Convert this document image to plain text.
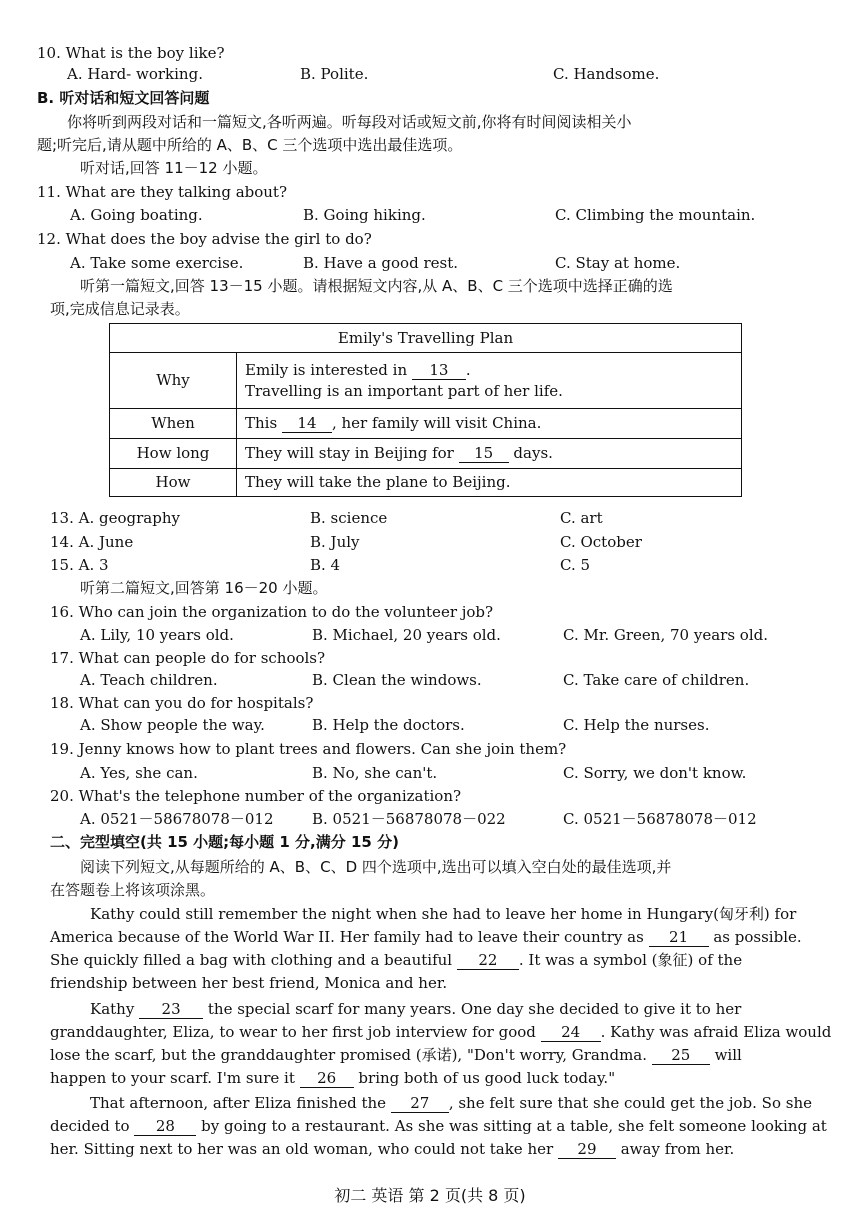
10. What is the boy like?
A. Hard- working.	B. Polite.	C. Handsome.
B. 听对话和短文回答问题
你将听到两段对话和一篇短文,各听两遍。听每段对话或短文前,你将有时间阅读相关小
题;听完后,请从题中所给的 A、B、C 三个选项中选出最佳选项。
听对话,回答 11－12 小题。
11. What are they talking about?
A. Going boating.	B. Going hiking.	C. Climbing the mountain.
12. What does the boy advise the girl to do?
A. Take some exercise.	B. Have a good rest.	C. Stay at home.
听第一篇短文,回答 13－15 小题。请根据短文内容,从 A、B、C 三个选项中选择正确的选
项,完成信息记录表。
Emily's Travelling Plan	
Why	Emily is interested in 13 .
Travelling is an important part of her life.

When	This 14 , her family will visit China.
How long	They will stay in Beijing for 15 days.
How	They will take the plane to Beijing.
13. A. geography	B. science	C. art
14. A. June	B. July	C. October
15. A. 3	B. 4	C. 5
听第二篇短文,回答第 16－20 小题。
16. Who can join the organization to do the volunteer job?
A. Lily, 10 years old.	B. Michael, 20 years old.	C. Mr. Green, 70 years old.
17. What can people do for schools?
A. Teach children.	B. Clean the windows.	C. Take care of children.
18. What can you do for hospitals?
A. Show people the way.	B. Help the doctors.	C. Help the nurses.
19. Jenny knows how to plant trees and flowers. Can she join them?
A. Yes, she can.	B. No, she can't.	C. Sorry, we don't know.
20. What's the telephone number of the organization?
A. 0521－58678078－012	B. 0521－56878078－022	C. 0521－56878078－012
二、完型填空(共 15 小题;每小题 1 分,满分 15 分)
阅读下列短文,从每题所给的 A、B、C、D 四个选项中,选出可以填入空白处的最佳选项,并
在答题卷上将该项涂黑。
Kathy could still remember the night when she had to leave her home in Hungary(匈牙利) for
America because of the World War II. Her family had to leave their country as 21 as possible.
She quickly filled a bag with clothing and a beautiful 22 . It was a symbol (象征) of the
friendship between her best friend, Monica and her.
Kathy 23 the special scarf for many years. One day she decided to give it to her
granddaughter, Eliza, to wear to her first job interview for good 24 . Kathy was afraid Eliza would
lose the scarf, but the granddaughter promised (承诺), "Don't worry, Grandma. 25 will
happen to your scarf. I'm sure it 26 bring both of us good luck today."
That afternoon, after Eliza finished the 27 , she felt sure that she could get the job. So she
decided to 28 by going to a restaurant. As she was sitting at a table, she felt someone looking at
her. Sitting next to her was an old woman, who could not take her 29 away from her.
初二 英语 第 2 页(共 8 页)
